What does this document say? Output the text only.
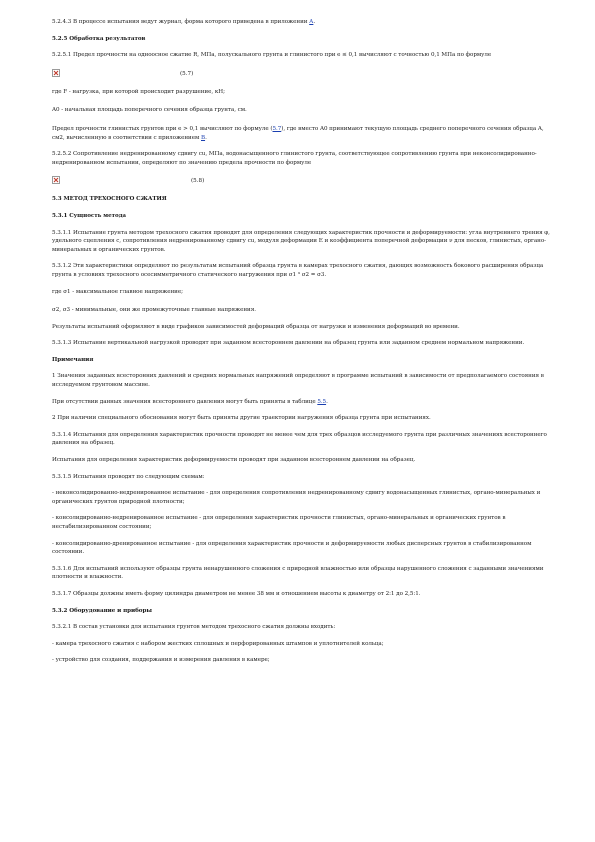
5.2.4.3 В процессе испытания ведут журнал, форма которого приведена в приложении А.

5.2.5 Обработка результатов

5.2.5.1 Предел прочности на одноосное сжатие R, МПа, полускального грунта и глинистого при e ≤ 0,1 вычисляют с точностью 0,1 МПа по формуле

(5.7)

где F - нагрузка, при которой происходит разрушение, кН;

A0 - начальная площадь поперечного сечения образца грунта, см.

Предел прочности глинистых грунтов при e > 0,1 вычисляют по формуле (5.7), где вместо A0 принимают текущую площадь среднего поперечного сечения образца A, см2, вычисленную в соответствии с приложением В.

5.2.5.2 Сопротивление недренированному сдвигу cu, МПа, водонасыщенного глинистого грунта, соответствующее сопротивлению грунта при неконсолидированно-недренированном испытании, определяют по значению предела прочности по формуле

(5.8)

5.3 МЕТОД ТРЕХОСНОГО СЖАТИЯ

5.3.1 Сущность метода

5.3.1.1 Испытание грунта методом трехосного сжатия проводят для определения следующих характеристик прочности и деформируемости: угла внутреннего трения φ, удельного сцепления c, сопротивления недренированному сдвигу cu, модуля деформации E и коэффициента поперечной деформации ν для песков, глинистых, органо-минеральных и органических грунтов.

5.3.1.2 Эти характеристики определяют по результатам испытаний образца грунта в камерах трехосного сжатия, дающих возможность бокового расширения образца грунта в условиях трехосного осесимметричного статического нагружения при σ1 ³ σ2 = σ3.

где σ1 - максимальное главное напряжение;

σ2, σ3 - минимальные, они же промежуточные главные напряжения.

Результаты испытаний оформляют в виде графиков зависимостей деформаций образца от нагрузки и изменения деформаций во времени.

5.3.1.3 Испытание вертикальной нагрузкой проводят при заданном всестороннем давлении на образец грунта или заданном среднем нормальном напряжении.

Примечания

1 Значения заданных всесторонних давлений и средних нормальных напряжений определяют в программе испытаний в зависимости от предполагаемого состояния в исследуемом грунтовом массиве.

При отсутствии данных значения всестороннего давления могут быть приняты в таблице 5.5.

2 При наличии специального обоснования могут быть приняты другие траектории нагружения образца грунта при испытаниях.

5.3.1.4 Испытания для определения характеристик прочности проводят не менее чем для трех образцов исследуемого грунта при различных значениях всестороннего давления на образец.

Испытания для определения характеристик деформируемости проводят при заданном всестороннем давлении на образец.

5.3.1.5 Испытания проводят по следующим схемам:

- неконсолидированно-недренированное испытание - для определения сопротивления недренированному сдвигу водонасыщенных глинистых, органо-минеральных и органических грунтов природной плотности;

- консолидированно-недренированное испытание - для определения характеристик прочности глинистых, органо-минеральных и органических грунтов в нестабилизированном состоянии;

- консолидированно-дренированное испытание - для определения характеристик прочности и деформируемости любых дисперсных грунтов в стабилизированном состоянии.

5.3.1.6 Для испытаний используют образцы грунта ненарушенного сложения с природной влажностью или образцы нарушенного сложения с заданными значениями плотности и влажности.

5.3.1.7 Образцы должны иметь форму цилиндра диаметром не менее 38 мм и отношением высоты к диаметру от 2:1 до 2,5:1.

5.3.2 Оборудование и приборы

5.3.2.1 В состав установки для испытания грунтов методом трехосного сжатия должны входить:

- камера трехосного сжатия с набором жестких сплошных и перфорированных штампов и уплотнителей кольца;

- устройство для создания, поддержания и измерения давления в камере;
